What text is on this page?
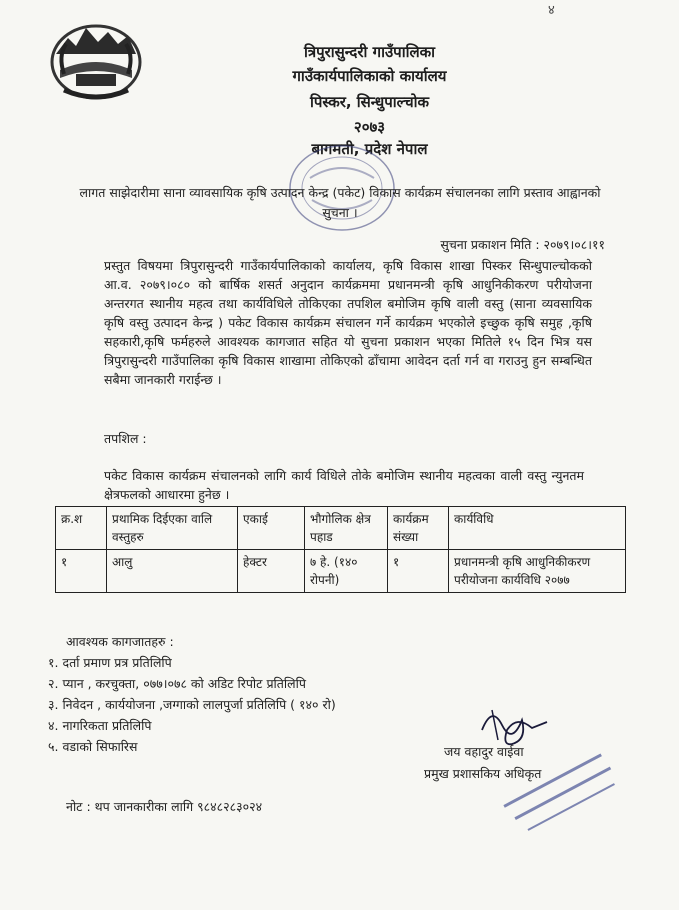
४
त्रिपुरासुन्दरी गाउँपालिका
गाउँकार्यपालिकाको कार्यालय
पिस्कर, सिन्धुपाल्चोक
२०७३
बागमती, प्रदेश नेपाल
लागत साझेदारीमा साना व्यावसायिक कृषि उत्पादन केन्द्र (पकेट) विकास कार्यक्रम संचालनका लागि प्रस्ताव आह्वानको सुचना ।
सुचना प्रकाशन मिति : २०७९।०८।११
प्रस्तुत विषयमा त्रिपुरासुन्दरी गाउँकार्यपालिकाको कार्यालय, कृषि विकास शाखा पिस्कर सिन्धुपाल्चोकको आ.व. २०७९।०८० को बार्षिक शसर्त अनुदान कार्यक्रममा प्रधानमन्त्री कृषि आधुनिकीकरण परीयोजना अन्तरगत स्थानीय महत्व तथा कार्यविधिले तोकिएका तपशिल बमोजिम कृषि वाली वस्तु (साना व्यवसायिक कृषि वस्तु उत्पादन केन्द्र ) पकेट विकास कार्यक्रम संचालन गर्ने कार्यक्रम भएकोले इच्छुक कृषि समुह ,कृषि सहकारी,कृषि फर्महरुले आवश्यक कागजात सहित यो सुचना प्रकाशन भएका मितिले १५ दिन भित्र यस त्रिपुरासुन्दरी गाउँपालिका कृषि विकास शाखामा तोकिएको ढाँचामा आवेदन दर्ता गर्न वा गराउनु हुन सम्बन्धित सबैमा जानकारी गराईन्छ ।
तपशिल :
पकेट विकास कार्यक्रम संचालनको लागि कार्य विधिले तोके बमोजिम स्थानीय महत्वका वाली वस्तु न्युनतम क्षेत्रफलको आधारमा हुनेछ ।
क्र.श	प्रथामिक दिईएका वालि वस्तुहरु	एकाई	भौगोलिक क्षेत्र पहाड	कार्यक्रम संख्या	कार्यविधि
१	आलु	हेक्टर	७ हे. (१४० रोपनी)	१	प्रधानमन्त्री कृषि आधुनिकीकरण परीयोजना कार्यविधि २०७७
आवश्यक कागजातहरु :
१. दर्ता प्रमाण प्रत्र प्रतिलिपि
२. प्यान , करचुक्ता, ०७७।०७८ को अडिट रिपोट प्रतिलिपि
३. निवेदन , कार्ययोजना ,जग्गाको लालपुर्जा प्रतिलिपि ( १४० रो)
४. नागरिकता प्रतिलिपि
५. वडाको सिफारिस	जय वहादुर वाईवा
प्रमुख प्रशासकिय अधिकृत
नोट : थप जानकारीका लागि ९८४८२८३०२४
